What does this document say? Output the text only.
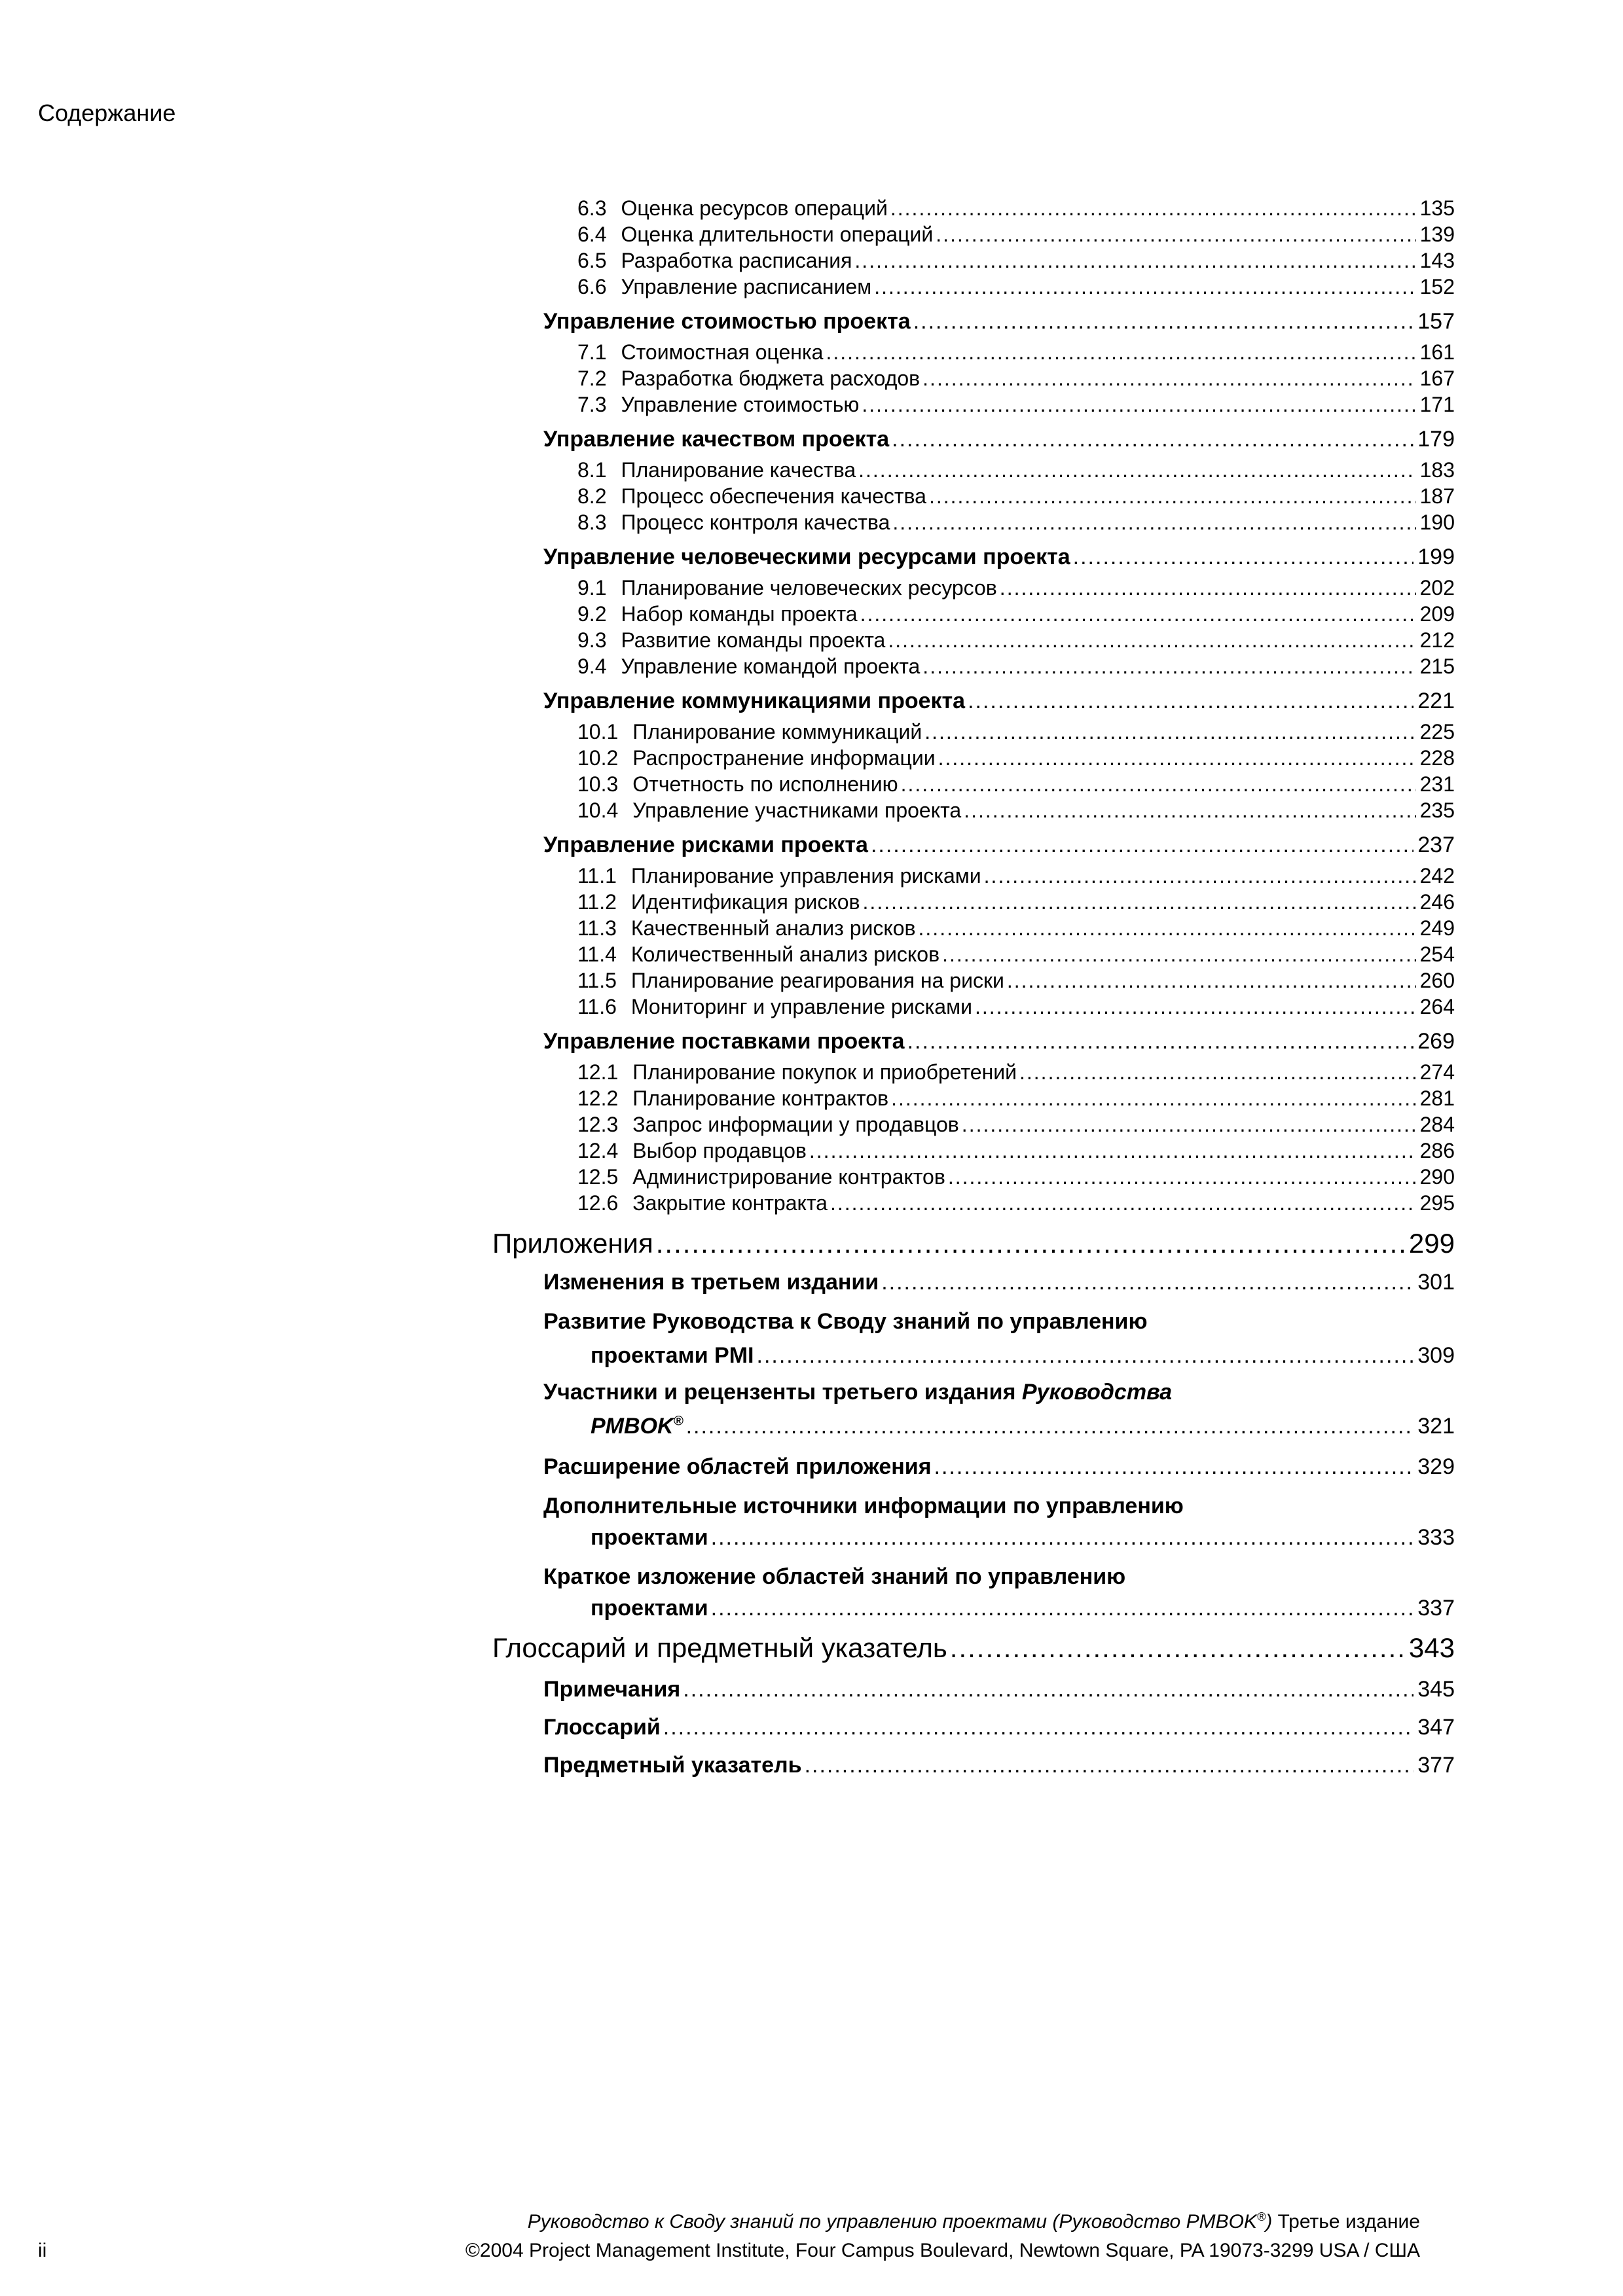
Содержание
6.3 Оценка ресурсов операций .....	135
6.4 Оценка длительности операций .....	139
6.5 Разработка расписания .....	143
6.6 Управление расписанием .....	152
Управление стоимостью проекта .....	157
7.1 Стоимостная оценка .....	161
7.2 Разработка бюджета расходов .....	167
7.3 Управление стоимостью .....	171
Управление качеством проекта .....	179
8.1 Планирование качества .....	183
8.2 Процесс обеспечения качества .....	187
8.3 Процесс контроля качества .....	190
Управление человеческими ресурсами проекта .....	199
9.1 Планирование человеческих ресурсов .....	202
9.2 Набор команды проекта .....	209
9.3 Развитие команды проекта .....	212
9.4 Управление командой проекта .....	215
Управление коммуникациями проекта .....	221
10.1 Планирование коммуникаций .....	225
10.2 Распространение информации .....	228
10.3 Отчетность по исполнению .....	231
10.4 Управление участниками проекта .....	235
Управление рисками проекта .....	237
11.1 Планирование управления рисками .....	242
11.2 Идентификация рисков .....	246
11.3 Качественный анализ рисков .....	249
11.4 Количественный анализ рисков .....	254
11.5 Планирование реагирования на риски .....	260
11.6 Мониторинг и управление рисками .....	264
Управление поставками проекта .....	269
12.1 Планирование покупок и приобретений .....	274
12.2 Планирование контрактов .....	281
12.3 Запрос информации у продавцов .....	284
12.4 Выбор продавцов .....	286
12.5 Администрирование контрактов .....	290
12.6 Закрытие контракта .....	295
Приложения .....	299
Изменения в третьем издании .....	301
Развитие Руководства к Своду знаний по управлению
проектами PMI .....	309
Участники и рецензенты третьего издания Руководства
PMBOK® .....	321
Расширение областей приложения .....	329
Дополнительные источники информации по управлению
проектами .....	333
Краткое изложение областей знаний по управлению
проектами .....	337
Глоссарий и предметный указатель .....	343
Примечания .....	345
Глоссарий .....	347
Предметный указатель .....	377
Руководство к Своду знаний по управлению проектами (Руководство PMBOK®) Третье издание
ii	©2004 Project Management Institute, Four Campus Boulevard, Newtown Square, PA 19073-3299 USA / США
